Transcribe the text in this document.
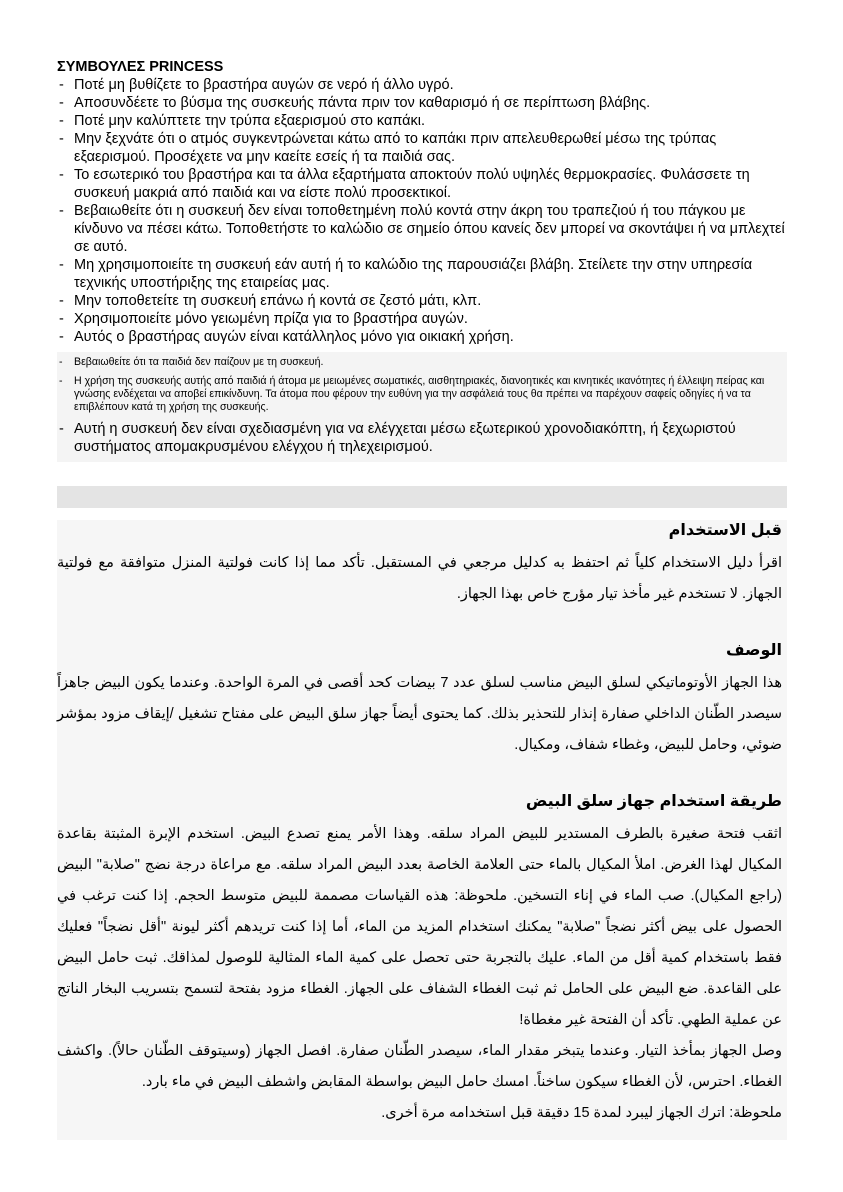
ΣΥΜΒΟΥΛΕΣ PRINCESS

- Ποτέ μη βυθίζετε το βραστήρα αυγών σε νερό ή άλλο υγρό.
- Αποσυνδέετε το βύσμα της συσκευής πάντα πριν τον καθαρισμό ή σε περίπτωση βλάβης.
- Ποτέ μην καλύπτετε την τρύπα εξαερισμού στο καπάκι.
- Μην ξεχνάτε ότι ο ατμός συγκεντρώνεται κάτω από το καπάκι πριν απελευθερωθεί μέσω της τρύπας εξαερισμού. Προσέχετε να μην καείτε εσείς ή τα παιδιά σας.
- Το εσωτερικό του βραστήρα και τα άλλα εξαρτήματα αποκτούν πολύ υψηλές θερμοκρασίες. Φυλάσσετε τη συσκευή μακριά από παιδιά και να είστε πολύ προσεκτικοί.
- Βεβαιωθείτε ότι η συσκευή δεν είναι τοποθετημένη πολύ κοντά στην άκρη του τραπεζιού ή του πάγκου με κίνδυνο να πέσει κάτω. Τοποθετήστε το καλώδιο σε σημείο όπου κανείς δεν μπορεί να σκοντάψει ή να μπλεχτεί σε αυτό.
- Μη χρησιμοποιείτε τη συσκευή εάν αυτή ή το καλώδιο της παρουσιάζει βλάβη. Στείλετε την στην υπηρεσία τεχνικής υποστήριξης της εταιρείας μας.
- Μην τοποθετείτε τη συσκευή επάνω ή κοντά σε ζεστό μάτι, κλπ.
- Χρησιμοποιείτε μόνο γειωμένη πρίζα για το βραστήρα αυγών.
- Αυτός ο βραστήρας αυγών είναι κατάλληλος μόνο για οικιακή χρήση.
- Βεβαιωθείτε ότι τα παιδιά δεν παίζουν με τη συσκευή.
- Η χρήση της συσκευής αυτής από παιδιά ή άτομα με μειωμένες σωματικές, αισθητηριακές, διανοητικές και κινητικές ικανότητες ή έλλειψη πείρας και γνώσης ενδέχεται να αποβεί επικίνδυνη. Τα άτομα που φέρουν την ευθύνη για την ασφάλειά τους θα πρέπει να παρέχουν σαφείς οδηγίες ή να τα επιβλέπουν κατά τη χρήση της συσκευής.
- Αυτή η συσκευή δεν είναι σχεδιασμένη για να ελέγχεται μέσω εξωτερικού χρονοδιακόπτη, ή ξεχωριστού συστήματος απομακρυσμένου ελέγχου ή τηλεχειρισμού.

قبل الاستخدام

اقرأ دليل الاستخدام كلياً ثم احتفظ به كدليل مرجعي في المستقبل. تأكد مما إذا كانت فولتية المنزل متوافقة مع فولتية الجهاز. لا تستخدم غير مأخذ تيار مؤرج خاص بهذا الجهاز.

الوصف

هذا الجهاز الأوتوماتيكي لسلق البيض مناسب لسلق عدد 7 بيضات كحد أقصى في المرة الواحدة. وعندما يكون البيض جاهزاً سيصدر الطّنان الداخلي صفارة إنذار للتحذير بذلك. كما يحتوى أيضاً جهاز سلق البيض على مفتاح تشغيل /إيقاف مزود بمؤشر ضوئي، وحامل للبيض، وغطاء شفاف، ومكيال.

طريقة استخدام جهاز سلق البيض

اثقب فتحة صغيرة بالطرف المستدير للبيض المراد سلقه. وهذا الأمر يمنع تصدع البيض. استخدم الإبرة المثبتة بقاعدة المكيال لهذا الغرض. املأ المكيال بالماء حتى العلامة الخاصة بعدد البيض المراد سلقه. مع مراعاة درجة نضج "صلابة" البيض (راجع المكيال). صب الماء في إناء التسخين. ملحوظة: هذه القياسات مصممة للبيض متوسط الحجم. إذا كنت ترغب في الحصول على بيض أكثر نضجاً "صلابة" يمكنك استخدام المزيد من الماء، أما إذا كنت تريدهم أكثر ليونة "أقل نضجاً" فعليك فقط باستخدام كمية أقل من الماء. عليك بالتجربة حتى تحصل على كمية الماء المثالية للوصول لمذاقك. ثبت حامل البيض على القاعدة. ضع البيض على الحامل ثم ثبت الغطاء الشفاف على الجهاز. الغطاء مزود بفتحة لتسمح بتسريب البخار الناتج عن عملية الطهي. تأكد أن الفتحة غير مغطاة!

وصل الجهاز بمأخذ التيار. وعندما يتبخر مقدار الماء، سيصدر الطّنان صفارة. افصل الجهاز (وسيتوقف الطّنان حالاً). واكشف الغطاء. احترس، لأن الغطاء سيكون ساخناً. امسك حامل البيض بواسطة المقابض واشطف البيض في ماء بارد.

ملحوظة: اترك الجهاز ليبرد لمدة 15 دقيقة قبل استخدامه مرة أخرى.
